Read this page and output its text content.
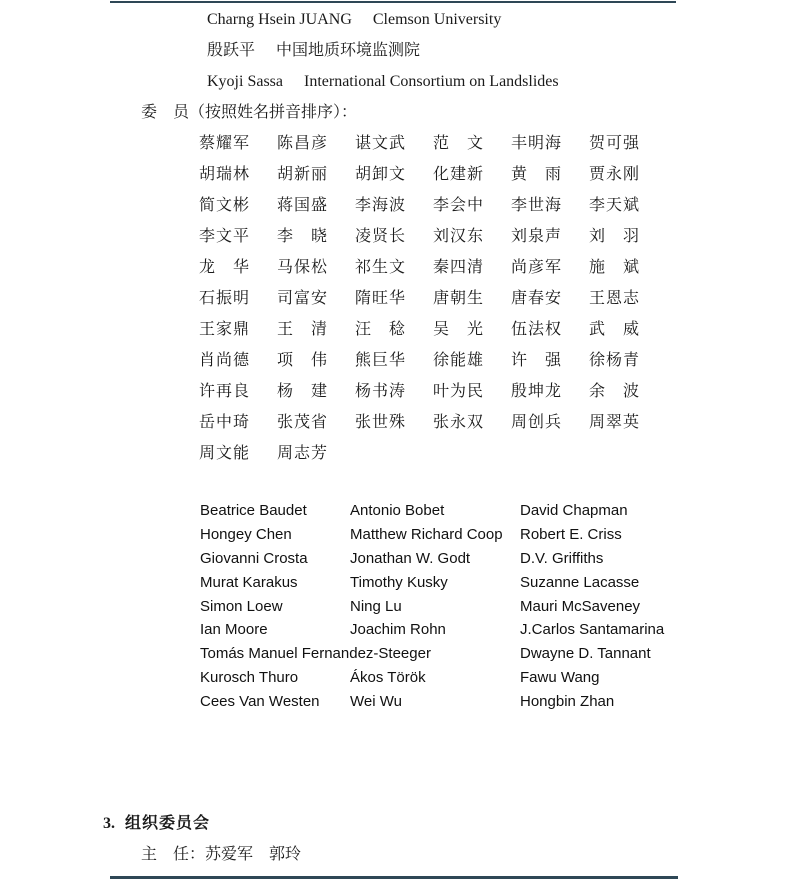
Charng Hsein JUANG Clemson University
殷跃平 中国地质环境监测院
Kyoji Sassa International Consortium on Landslides
委　员（按照姓名拼音排序）：
蔡耀军	陈昌彦	谌文武	范　文	丰明海	贺可强
胡瑞林	胡新丽	胡卸文	化建新	黄　雨	贾永刚
简文彬	蒋国盛	李海波	李会中	李世海	李天斌
李文平	李　晓	凌贤长	刘汉东	刘泉声	刘　羽
龙　华	马保松	祁生文	秦四清	尚彦军	施　斌
石振明	司富安	隋旺华	唐朝生	唐春安	王恩志
王家鼎	王　清	汪　稔	吴　光	伍法权	武　威
肖尚德	项　伟	熊巨华	徐能雄	许　强	徐杨青
许再良	杨　建	杨书涛	叶为民	殷坤龙	余　波
岳中琦	张茂省	张世殊	张永双	周创兵	周翠英
周文能	周志芳
Beatrice Baudet	Antonio Bobet	David Chapman
Hongey Chen	Matthew Richard Coop	Robert E. Criss
Giovanni Crosta	Jonathan W. Godt	D.V. Griffiths
Murat Karakus	Timothy Kusky	Suzanne Lacasse
Simon Loew	Ning Lu	Mauri McSaveney
Ian Moore	Joachim Rohn	J.Carlos Santamarina
Tomás Manuel Fernandez-Steeger	Dwayne D. Tannant
Kurosch Thuro	Ákos Török	Fawu Wang
Cees Van Westen	Wei Wu	Hongbin Zhan
3. 组织委员会
主　任：苏爱军　郭玲
